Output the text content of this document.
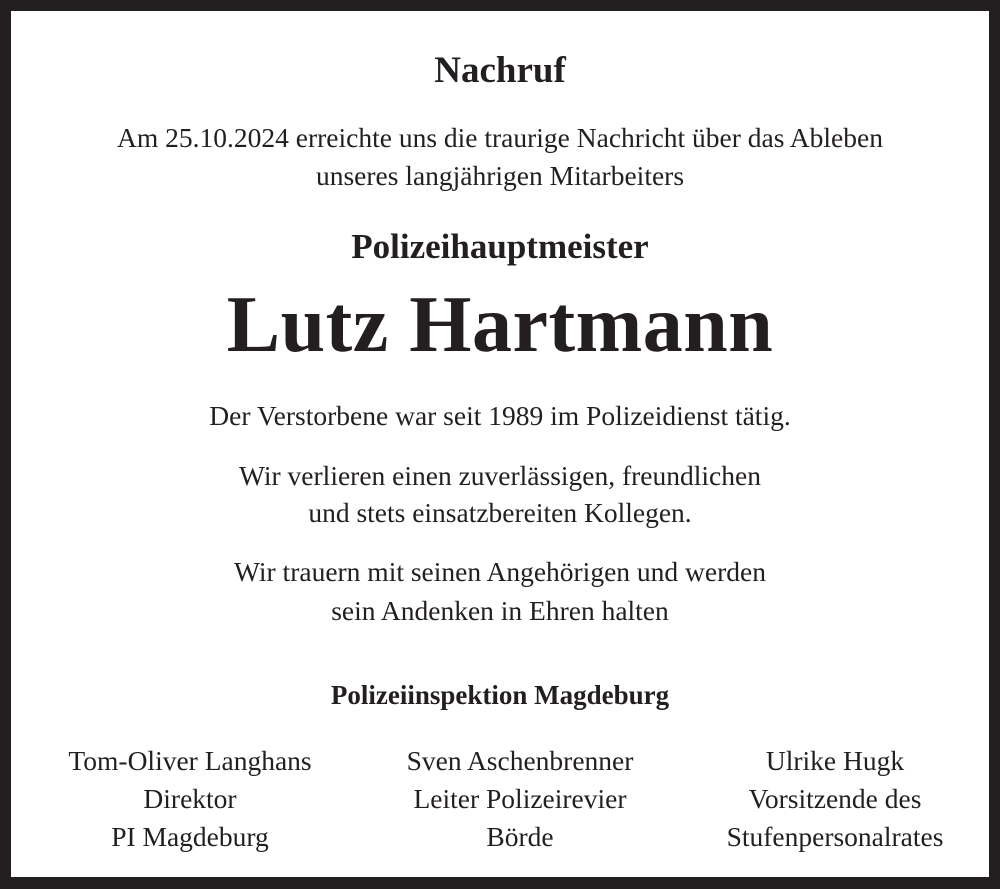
Nachruf
Am 25.10.2024 erreichte uns die traurige Nachricht über das Ableben
unseres langjährigen Mitarbeiters
Polizeihauptmeister
Lutz Hartmann
Der Verstorbene war seit 1989 im Polizeidienst tätig.
Wir verlieren einen zuverlässigen, freundlichen
und stets einsatzbereiten Kollegen.
Wir trauern mit seinen Angehörigen und werden
sein Andenken in Ehren halten
Polizeiinspektion Magdeburg
Tom-Oliver Langhans
Direktor
PI Magdeburg
Sven Aschenbrenner
Leiter Polizeirevier
Börde
Ulrike Hugk
Vorsitzende des
Stufenpersonalrates
